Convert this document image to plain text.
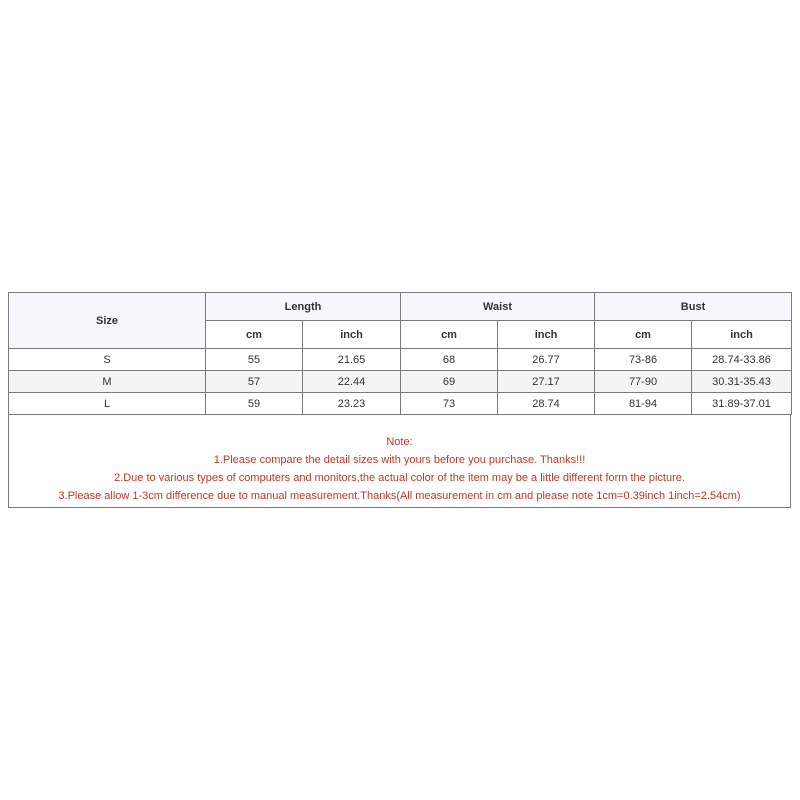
Size	Length		Waist		Bust	
	cm	inch	cm	inch	cm	inch
S	55	21.65	68	26.77	73-86	28.74-33.86
M	57	22.44	69	27.17	77-90	30.31-35.43
L	59	23.23	73	28.74	81-94	31.89-37.01
Note:
1.Please compare the detail sizes with yours before you purchase. Thanks!!!
2.Due to various types of computers and monitors,the actual color of the item may be a little different form the picture.
3.Please allow 1-3cm difference due to manual measurement.Thanks(All measurement in cm and please note 1cm=0.39inch 1inch=2.54cm)
